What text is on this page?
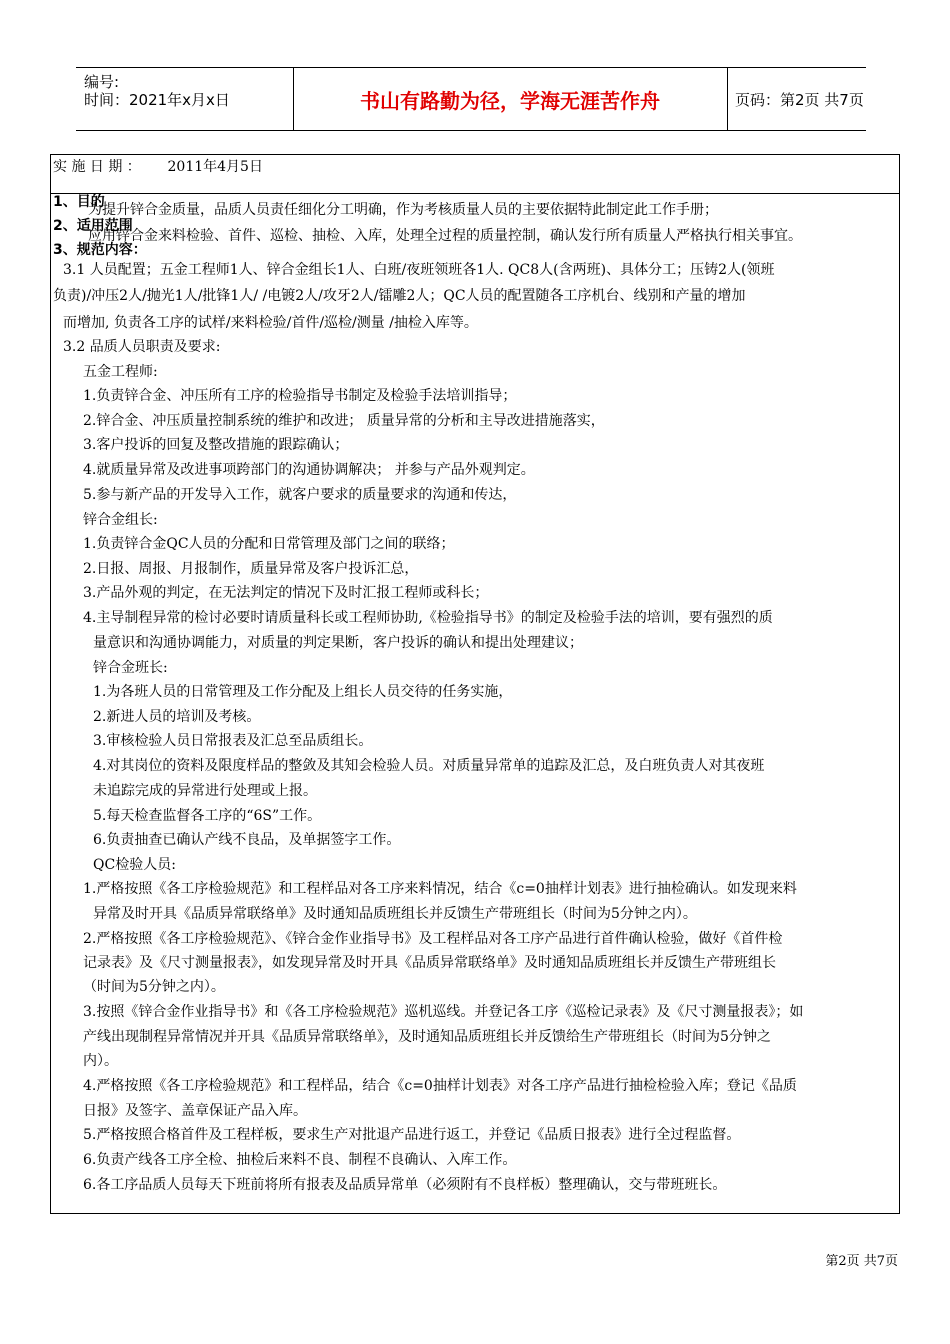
编号:
时间：2021年x月x日	书山有路勤为径，学海无涯苦作舟	页码：第2页 共7页
实 施 日 期 ：      2011年4月5日
为提升锌合金质量，品质人员责任细化分工明确，作为考核质量人员的主要依据特此制定此工作手册；
1、目的
应用锌合金来料检验、首件、巡检、抽检、入库，处理全过程的质量控制，确认发行所有质量人严格执行相关事宜。
2、适用范围
3、规范内容：
3.1 人员配置；五金工程师1人、锌合金组长1人、白班/夜班领班各1人. QC8人(含两班)、具体分工；压铸2人(领班
负责)/冲压2人/抛光1人/批锋1人/ /电镀2人/攻牙2人/镭雕2人；QC人员的配置随各工序机台、线别和产量的增加
而增加, 负责各工序的试样/来料检验/首件/巡检/测量 /抽检入库等。
3.2 品质人员职责及要求:
五金工程师:
1.负责锌合金、冲压所有工序的检验指导书制定及检验手法培训指导；
2.锌合金、冲压质量控制系统的维护和改进； 质量异常的分析和主导改进措施落实，
3.客户投诉的回复及整改措施的跟踪确认；
4.就质量异常及改进事项跨部门的沟通协调解决； 并参与产品外观判定。
5.参与新产品的开发导入工作，就客户要求的质量要求的沟通和传达，
锌合金组长:
1.负责锌合金QC人员的分配和日常管理及部门之间的联络；
2.日报、周报、月报制作，质量异常及客户投诉汇总，
3.产品外观的判定，在无法判定的情况下及时汇报工程师或科长；
4.主导制程异常的检讨必要时请质量科长或工程师协助,《检验指导书》的制定及检验手法的培训，要有强烈的质
量意识和沟通协调能力，对质量的判定果断，客户投诉的确认和提出处理建议；
锌合金班长:
1.为各班人员的日常管理及工作分配及上组长人员交待的任务实施，
2.新进人员的培训及考核。
3.审核检验人员日常报表及汇总至品质组长。
4.对其岗位的资料及限度样品的整敛及其知会检验人员。对质量异常单的追踪及汇总，及白班负责人对其夜班
未追踪完成的异常进行处理或上报。
5.每天检查监督各工序的“6S”工作。
6.负责抽查已确认产线不良品，及单据签字工作。
QC检验人员:
1.严格按照《各工序检验规范》和工程样品对各工序来料情况，结合《c=0抽样计划表》进行抽检确认。如发现来料
异常及时开具《品质异常联络单》及时通知品质班组长并反馈生产带班组长（时间为5分钟之内）。
2.严格按照《各工序检验规范》、《锌合金作业指导书》及工程样品对各工序产品进行首件确认检验，做好《首件检
记录表》及《尺寸测量报表》，如发现异常及时开具《品质异常联络单》及时通知品质班组长并反馈生产带班组长
（时间为5分钟之内）。
3.按照《锌合金作业指导书》和《各工序检验规范》巡机巡线。并登记各工序《巡检记录表》及《尺寸测量报表》；如
产线出现制程异常情况并开具《品质异常联络单》，及时通知品质班组长并反馈给生产带班组长（时间为5分钟之
内）。
4.严格按照《各工序检验规范》和工程样品，结合《c=0抽样计划表》对各工序产品进行抽检检验入库；登记《品质
日报》及签字、盖章保证产品入库。
5.严格按照合格首件及工程样板，要求生产对批退产品进行返工，并登记《品质日报表》进行全过程监督。
6.负责产线各工序全检、抽检后来料不良、制程不良确认、入库工作。
6.各工序品质人员每天下班前将所有报表及品质异常单（必须附有不良样板）整理确认，交与带班班长。
第2页 共7页
